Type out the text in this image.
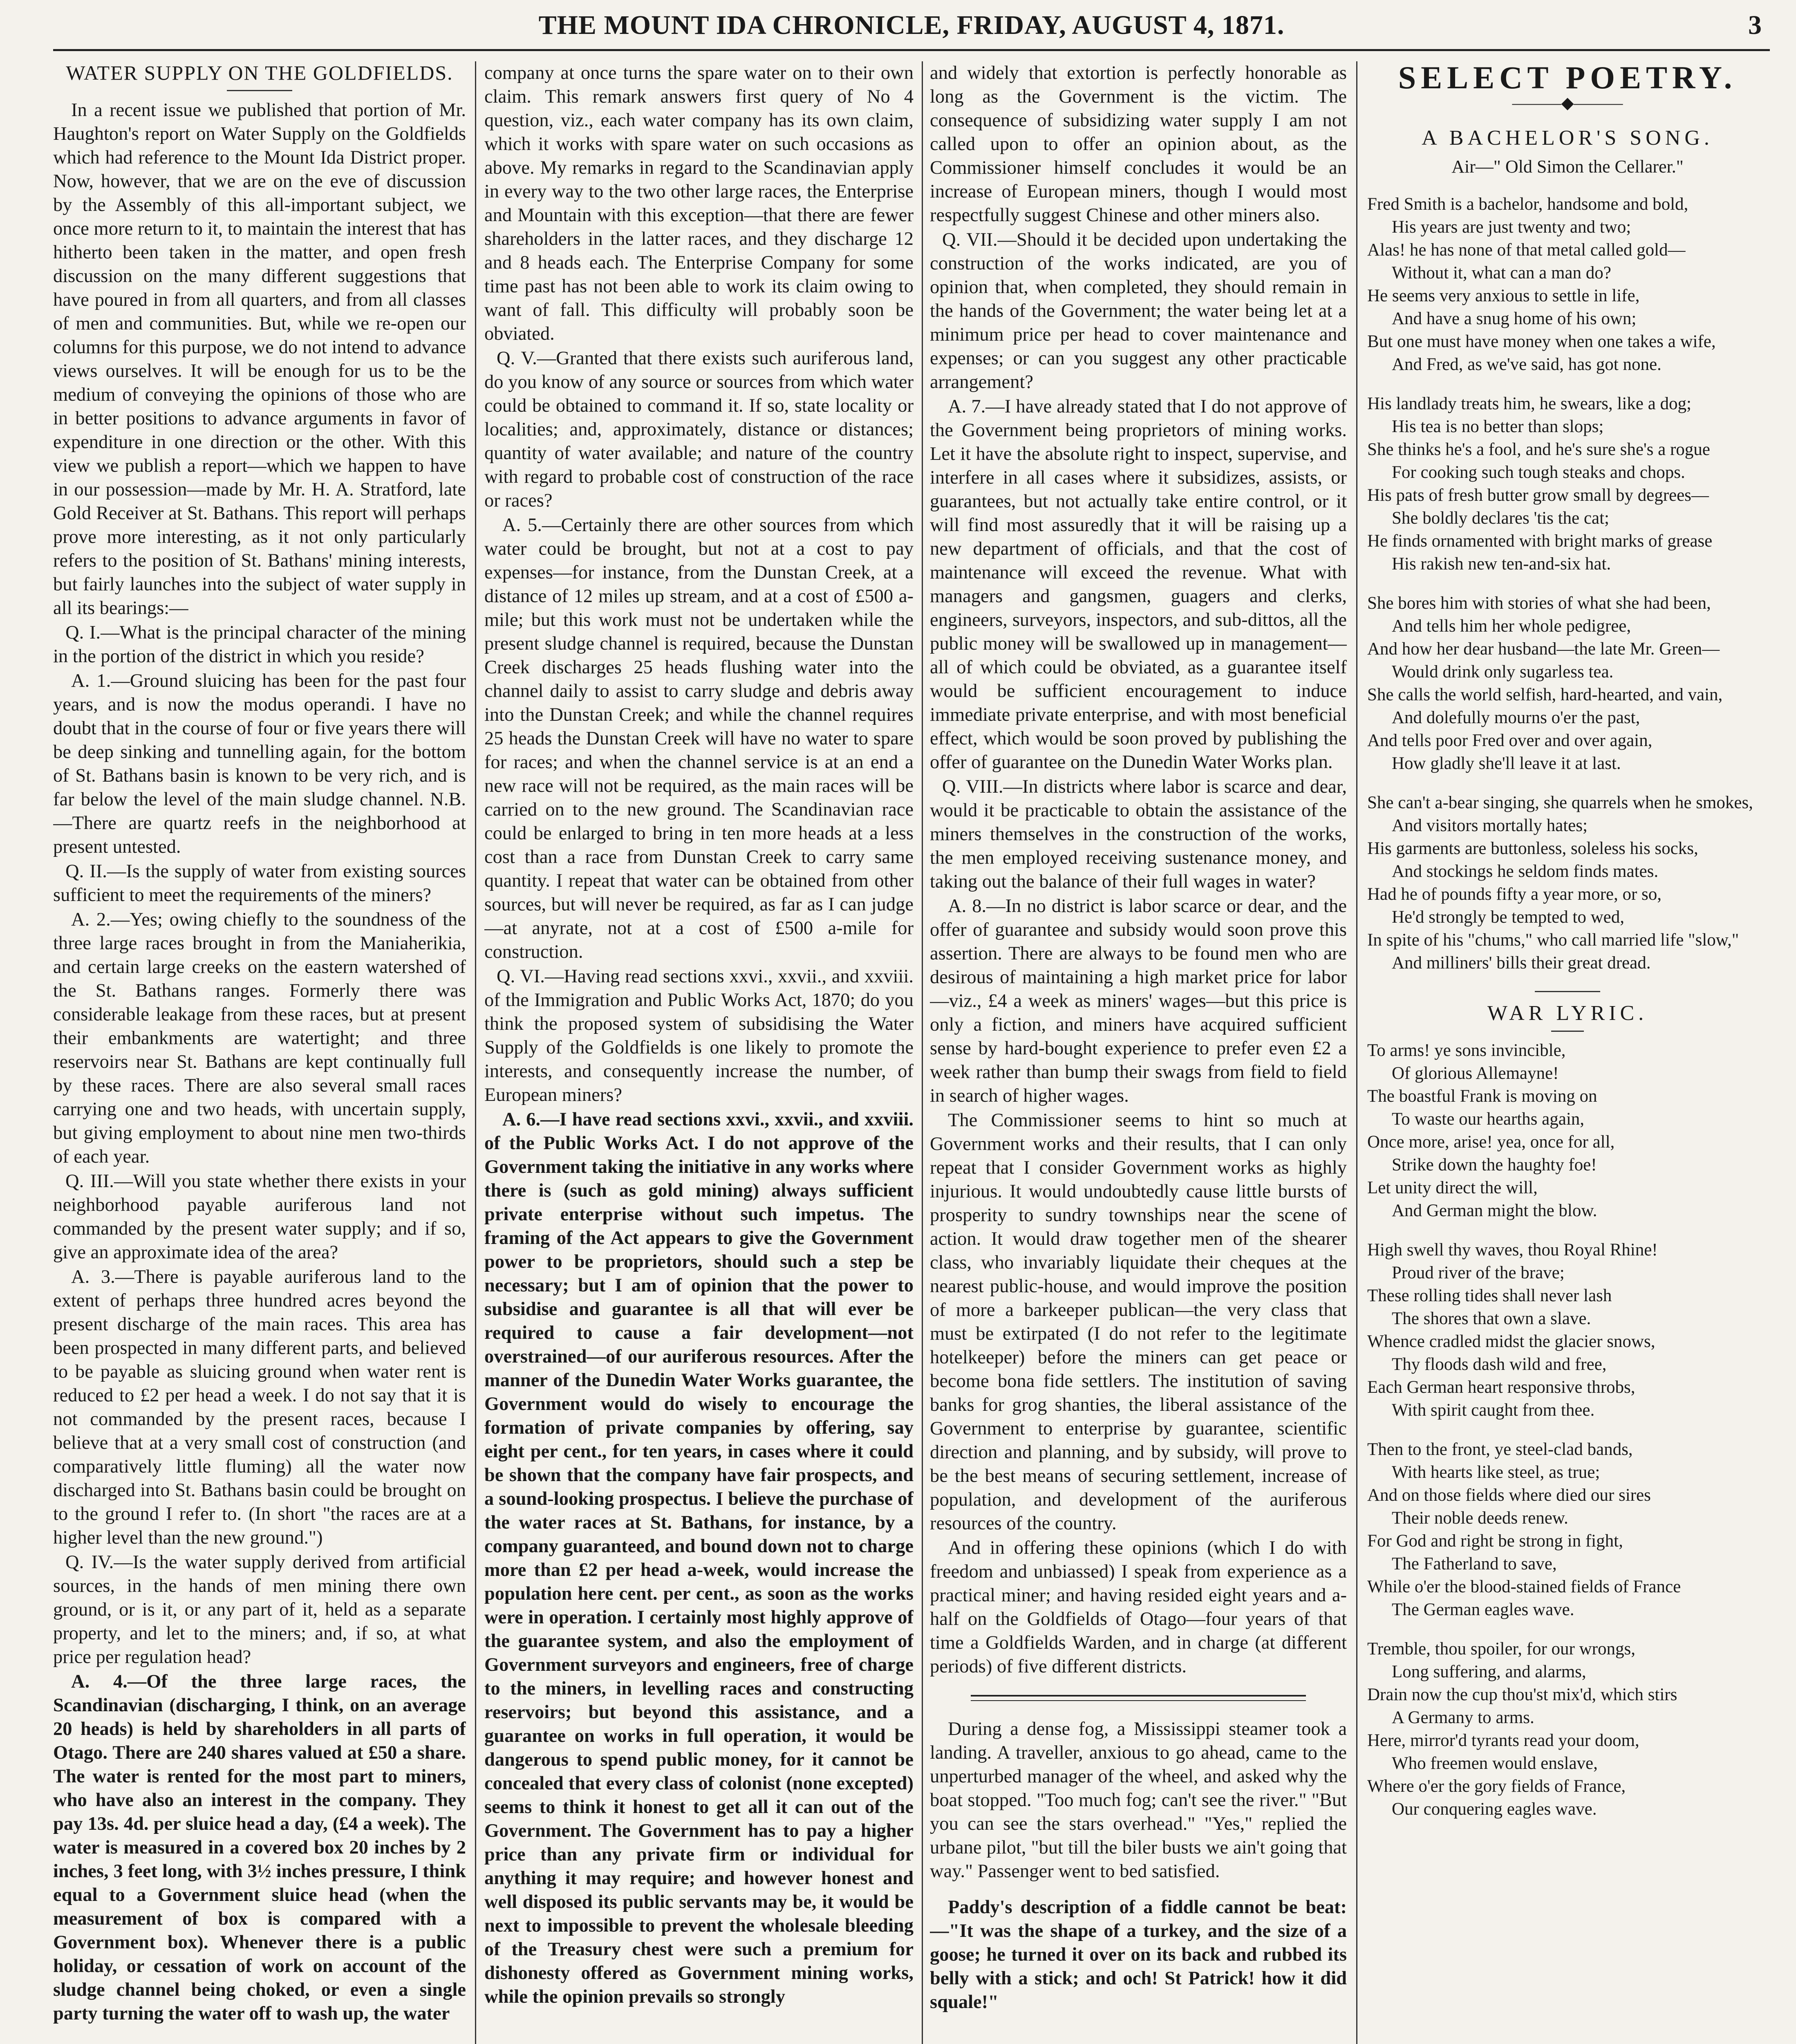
THE MOUNT IDA CHRONICLE, FRIDAY, AUGUST 4, 1871.	3
WATER SUPPLY ON THE GOLDFIELDS.

In a recent issue we published that portion of Mr. Haughton's report on Water Supply on the Goldfields which had reference to the Mount Ida District proper. Now, however, that we are on the eve of discussion by the Assembly of this all-important subject, we once more return to it, to maintain the interest that has hitherto been taken in the matter, and open fresh discussion on the many different suggestions that have poured in from all quarters, and from all classes of men and communities. But, while we re-open our columns for this purpose, we do not intend to advance views ourselves. It will be enough for us to be the medium of conveying the opinions of those who are in better positions to advance arguments in favor of expenditure in one direction or the other. With this view we publish a report—which we happen to have in our possession—made by Mr. H. A. Stratford, late Gold Receiver at St. Bathans. This report will perhaps prove more interesting, as it not only particularly refers to the position of St. Bathans' mining interests, but fairly launches into the subject of water supply in all its bearings:—

Q. I.—What is the principal character of the mining in the portion of the district in which you reside?

A. 1.—Ground sluicing has been for the past four years, and is now the modus operandi. I have no doubt that in the course of four or five years there will be deep sinking and tunnelling again, for the bottom of St. Bathans basin is known to be very rich, and is far below the level of the main sludge channel. N.B.—There are quartz reefs in the neighborhood at present untested.

Q. II.—Is the supply of water from existing sources sufficient to meet the requirements of the miners?

A. 2.—Yes; owing chiefly to the soundness of the three large races brought in from the Maniaherikia, and certain large creeks on the eastern watershed of the St. Bathans ranges. Formerly there was considerable leakage from these races, but at present their embankments are watertight; and three reservoirs near St. Bathans are kept continually full by these races. There are also several small races carrying one and two heads, with uncertain supply, but giving employment to about nine men two-thirds of each year.

Q. III.—Will you state whether there exists in your neighborhood payable auriferous land not commanded by the present water supply; and if so, give an approximate idea of the area?

A. 3.—There is payable auriferous land to the extent of perhaps three hundred acres beyond the present discharge of the main races. This area has been prospected in many different parts, and believed to be payable as sluicing ground when water rent is reduced to £2 per head a week. I do not say that it is not commanded by the present races, because I believe that at a very small cost of construction (and comparatively little fluming) all the water now discharged into St. Bathans basin could be brought on to the ground I refer to. (In short "the races are at a higher level than the new ground.")

Q. IV.—Is the water supply derived from artificial sources, in the hands of men mining there own ground, or is it, or any part of it, held as a separate property, and let to the miners; and, if so, at what price per regulation head?

A. 4.—Of the three large races, the Scandinavian (discharging, I think, on an average 20 heads) is held by shareholders in all parts of Otago. There are 240 shares valued at £50 a share. The water is rented for the most part to miners, who have also an interest in the company. They pay 13s. 4d. per sluice head a day, (£4 a week). The water is measured in a covered box 20 inches by 2 inches, 3 feet long, with 3½ inches pressure, I think equal to a Government sluice head (when the measurement of box is compared with a Government box). Whenever there is a public holiday, or cessation of work on account of the sludge channel being choked, or even a single party turning the water off to wash up, the water

company at once turns the spare water on to their own claim. This remark answers first query of No 4 question, viz., each water company has its own claim, which it works with spare water on such occasions as above. My remarks in regard to the Scandinavian apply in every way to the two other large races, the Enterprise and Mountain with this exception—that there are fewer shareholders in the latter races, and they discharge 12 and 8 heads each. The Enterprise Company for some time past has not been able to work its claim owing to want of fall. This difficulty will probably soon be obviated.

Q. V.—Granted that there exists such auriferous land, do you know of any source or sources from which water could be obtained to command it. If so, state locality or localities; and, approximately, distance or distances; quantity of water available; and nature of the country with regard to probable cost of construction of the race or races?

A. 5.—Certainly there are other sources from which water could be brought, but not at a cost to pay expenses—for instance, from the Dunstan Creek, at a distance of 12 miles up stream, and at a cost of £500 a-mile; but this work must not be undertaken while the present sludge channel is required, because the Dunstan Creek discharges 25 heads flushing water into the channel daily to assist to carry sludge and debris away into the Dunstan Creek; and while the channel requires 25 heads the Dunstan Creek will have no water to spare for races; and when the channel service is at an end a new race will not be required, as the main races will be carried on to the new ground. The Scandinavian race could be enlarged to bring in ten more heads at a less cost than a race from Dunstan Creek to carry same quantity. I repeat that water can be obtained from other sources, but will never be required, as far as I can judge—at anyrate, not at a cost of £500 a-mile for construction.

Q. VI.—Having read sections xxvi., xxvii., and xxviii. of the Immigration and Public Works Act, 1870; do you think the proposed system of subsidising the Water Supply of the Goldfields is one likely to promote the interests, and consequently increase the number, of European miners?

A. 6.—I have read sections xxvi., xxvii., and xxviii. of the Public Works Act. I do not approve of the Government taking the initiative in any works where there is (such as gold mining) always sufficient private enterprise without such impetus. The framing of the Act appears to give the Government power to be proprietors, should such a step be necessary; but I am of opinion that the power to subsidise and guarantee is all that will ever be required to cause a fair development—not overstrained—of our auriferous resources. After the manner of the Dunedin Water Works guarantee, the Government would do wisely to encourage the formation of private companies by offering, say eight per cent., for ten years, in cases where it could be shown that the company have fair prospects, and a sound-looking prospectus. I believe the purchase of the water races at St. Bathans, for instance, by a company guaranteed, and bound down not to charge more than £2 per head a-week, would increase the population here cent. per cent., as soon as the works were in operation. I certainly most highly approve of the guarantee system, and also the employment of Government surveyors and engineers, free of charge to the miners, in levelling races and constructing reservoirs; but beyond this assistance, and a guarantee on works in full operation, it would be dangerous to spend public money, for it cannot be concealed that every class of colonist (none excepted) seems to think it honest to get all it can out of the Government. The Government has to pay a higher price than any private firm or individual for anything it may require; and however honest and well disposed its public servants may be, it would be next to impossible to prevent the wholesale bleeding of the Treasury chest were such a premium for dishonesty offered as Government mining works, while the opinion prevails so strongly

and widely that extortion is perfectly honorable as long as the Government is the victim. The consequence of subsidizing water supply I am not called upon to offer an opinion about, as the Commissioner himself concludes it would be an increase of European miners, though I would most respectfully suggest Chinese and other miners also.

Q. VII.—Should it be decided upon undertaking the construction of the works indicated, are you of opinion that, when completed, they should remain in the hands of the Government; the water being let at a minimum price per head to cover maintenance and expenses; or can you suggest any other practicable arrangement?

A. 7.—I have already stated that I do not approve of the Government being proprietors of mining works. Let it have the absolute right to inspect, supervise, and interfere in all cases where it subsidizes, assists, or guarantees, but not actually take entire control, or it will find most assuredly that it will be raising up a new department of officials, and that the cost of maintenance will exceed the revenue. What with managers and gangsmen, guagers and clerks, engineers, surveyors, inspectors, and sub-dittos, all the public money will be swallowed up in management—all of which could be obviated, as a guarantee itself would be sufficient encouragement to induce immediate private enterprise, and with most beneficial effect, which would be soon proved by publishing the offer of guarantee on the Dunedin Water Works plan.

Q. VIII.—In districts where labor is scarce and dear, would it be practicable to obtain the assistance of the miners themselves in the construction of the works, the men employed receiving sustenance money, and taking out the balance of their full wages in water?

A. 8.—In no district is labor scarce or dear, and the offer of guarantee and subsidy would soon prove this assertion. There are always to be found men who are desirous of maintaining a high market price for labor—viz., £4 a week as miners' wages—but this price is only a fiction, and miners have acquired sufficient sense by hard-bought experience to prefer even £2 a week rather than bump their swags from field to field in search of higher wages.

The Commissioner seems to hint so much at Government works and their results, that I can only repeat that I consider Government works as highly injurious. It would undoubtedly cause little bursts of prosperity to sundry townships near the scene of action. It would draw together men of the shearer class, who invariably liquidate their cheques at the nearest public-house, and would improve the position of more a barkeeper publican—the very class that must be extirpated (I do not refer to the legitimate hotelkeeper) before the miners can get peace or become bona fide settlers. The institution of saving banks for grog shanties, the liberal assistance of the Government to enterprise by guarantee, scientific direction and planning, and by subsidy, will prove to be the best means of securing settlement, increase of population, and development of the auriferous resources of the country.

And in offering these opinions (which I do with freedom and unbiassed) I speak from experience as a practical miner; and having resided eight years and a-half on the Goldfields of Otago—four years of that time a Goldfields Warden, and in charge (at different periods) of five different districts.

During a dense fog, a Mississippi steamer took a landing. A traveller, anxious to go ahead, came to the unperturbed manager of the wheel, and asked why the boat stopped. "Too much fog; can't see the river." "But you can see the stars overhead." "Yes," replied the urbane pilot, "but till the biler busts we ain't going that way." Passenger went to bed satisfied.

Paddy's description of a fiddle cannot be beat:—"It was the shape of a turkey, and the size of a goose; he turned it over on its back and rubbed its belly with a stick; and och! St Patrick! how it did squale!"

SELECT POETRY.
———◆———
A BACHELOR'S SONG.
Air—" Old Simon the Cellarer."
Fred Smith is a bachelor, handsome and bold,
His years are just twenty and two;
Alas! he has none of that metal called gold—
Without it, what can a man do?
He seems very anxious to settle in life,
And have a snug home of his own;
But one must have money when one takes a wife,
And Fred, as we've said, has got none.
His landlady treats him, he swears, like a dog;
His tea is no better than slops;
She thinks he's a fool, and he's sure she's a rogue
For cooking such tough steaks and chops.
His pats of fresh butter grow small by degrees—
She boldly declares 'tis the cat;
He finds ornamented with bright marks of grease
His rakish new ten-and-six hat.
She bores him with stories of what she had been,
And tells him her whole pedigree,
And how her dear husband—the late Mr. Green—
Would drink only sugarless tea.
She calls the world selfish, hard-hearted, and vain,
And dolefully mourns o'er the past,
And tells poor Fred over and over again,
How gladly she'll leave it at last.
She can't a-bear singing, she quarrels when he smokes,
And visitors mortally hates;
His garments are buttonless, soleless his socks,
And stockings he seldom finds mates.
Had he of pounds fifty a year more, or so,
He'd strongly be tempted to wed,
In spite of his "chums," who call married life "slow,"
And milliners' bills their great dread.
WAR LYRIC.
To arms! ye sons invincible,
Of glorious Allemayne!
The boastful Frank is moving on
To waste our hearths again,
Once more, arise! yea, once for all,
Strike down the haughty foe!
Let unity direct the will,
And German might the blow.
High swell thy waves, thou Royal Rhine!
Proud river of the brave;
These rolling tides shall never lash
The shores that own a slave.
Whence cradled midst the glacier snows,
Thy floods dash wild and free,
Each German heart responsive throbs,
With spirit caught from thee.
Then to the front, ye steel-clad bands,
With hearts like steel, as true;
And on those fields where died our sires
Their noble deeds renew.
For God and right be strong in fight,
The Fatherland to save,
While o'er the blood-stained fields of France
The German eagles wave.
Tremble, thou spoiler, for our wrongs,
Long suffering, and alarms,
Drain now the cup thou'st mix'd, which stirs
A Germany to arms.
Here, mirror'd tyrants read your doom,
Who freemen would enslave,
Where o'er the gory fields of France,
Our conquering eagles wave.
